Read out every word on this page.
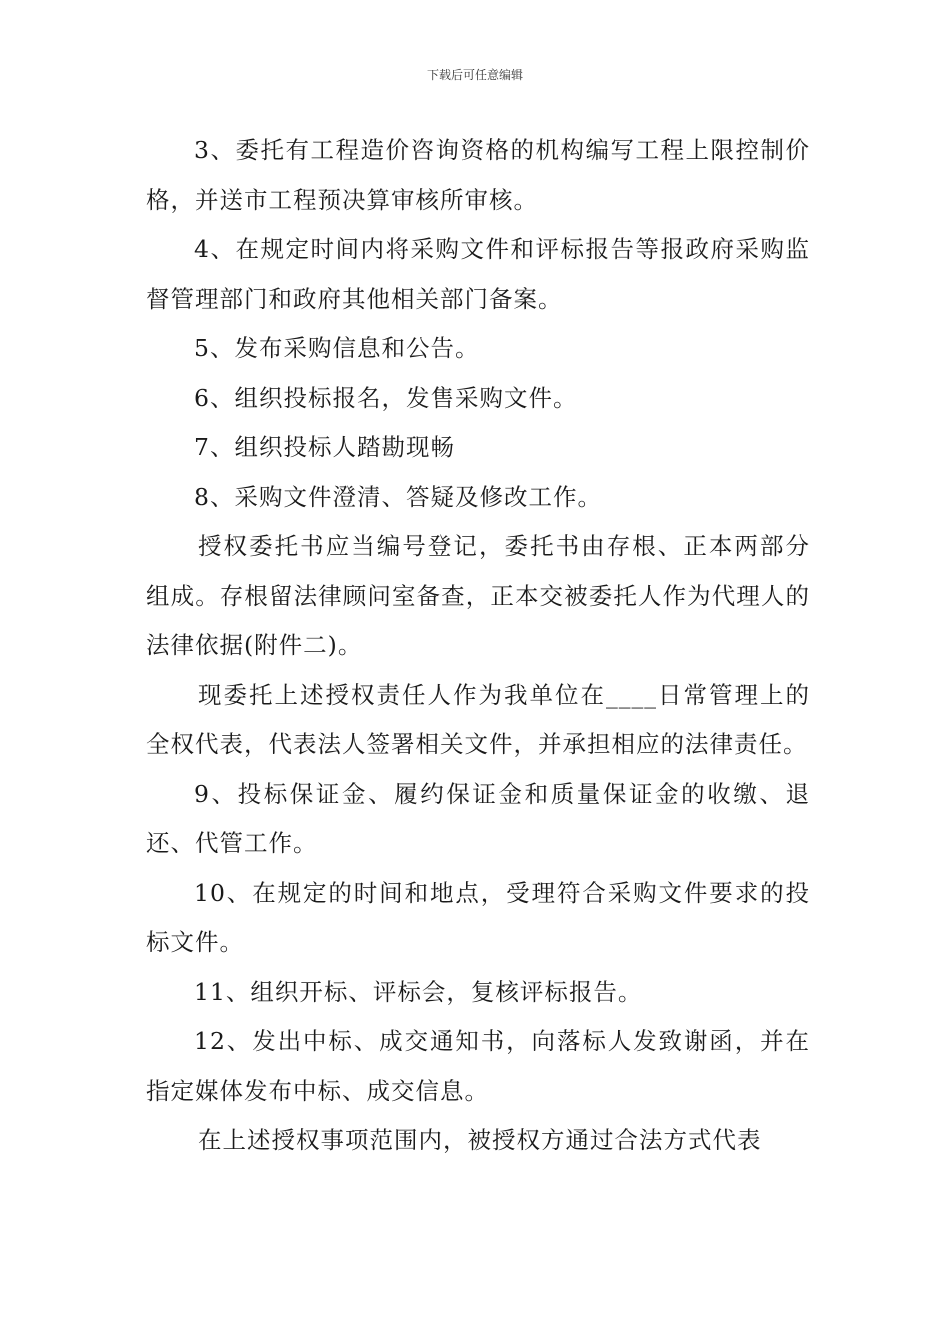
下载后可任意编辑

3、委托有工程造价咨询资格的机构编写工程上限控制价格，并送市工程预决算审核所审核。

4、在规定时间内将采购文件和评标报告等报政府采购监督管理部门和政府其他相关部门备案。

5、发布采购信息和公告。

6、组织投标报名，发售采购文件。

7、组织投标人踏勘现畅

8、采购文件澄清、答疑及修改工作。

授权委托书应当编号登记，委托书由存根、正本两部分组成。存根留法律顾问室备查，正本交被委托人作为代理人的法律依据(附件二)。

现委托上述授权责任人作为我单位在____日常管理上的全权代表，代表法人签署相关文件，并承担相应的法律责任。

9、投标保证金、履约保证金和质量保证金的收缴、退还、代管工作。

10、在规定的时间和地点，受理符合采购文件要求的投标文件。

11、组织开标、评标会，复核评标报告。

12、发出中标、成交通知书，向落标人发致谢函，并在指定媒体发布中标、成交信息。

在上述授权事项范围内，被授权方通过合法方式代表
